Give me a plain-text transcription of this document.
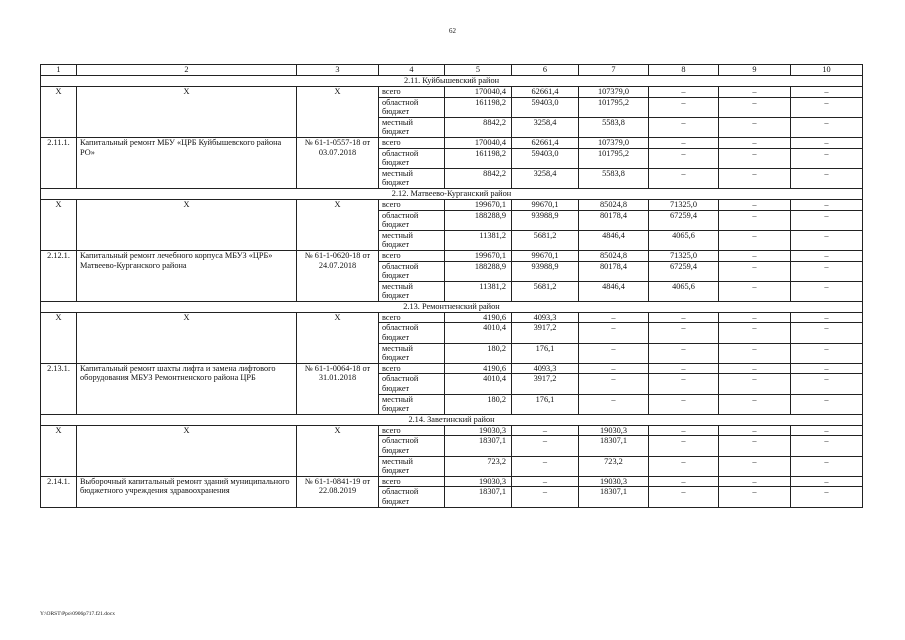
62
1	2	3	4	5	6	7	8	9	10
2.11. Куйбышевский район									
Х	Х	Х	всего	170040,4	62661,4	107379,0	–	–	–
			областной бюджет	161198,2	59403,0	101795,2	–	–	–
			местный бюджет	8842,2	3258,4	5583,8	–	–	–
2.11.1.	Капитальный ремонт МБУ «ЦРБ Куйбышевского района РО»	№ 61-1-0557-18 от 03.07.2018	всего	170040,4	62661,4	107379,0	–	–	–
			областной бюджет	161198,2	59403,0	101795,2	–	–	–
			местный бюджет	8842,2	3258,4	5583,8	–	–	–
2.12. Матвеево-Курганский район									
Х	Х	Х	всего	199670,1	99670,1	85024,8	71325,0	–	–
			областной бюджет	188288,9	93988,9	80178,4	67259,4	–	–
			местный бюджет	11381,2	5681,2	4846,4	4065,6	–	–
2.12.1.	Капитальный ремонт лечебного корпуса МБУЗ «ЦРБ» Матвеево-Курганского района	№ 61-1-0620-18 от 24.07.2018	всего	199670,1	99670,1	85024,8	71325,0	–	–
			областной бюджет	188288,9	93988,9	80178,4	67259,4	–	–
			местный бюджет	11381,2	5681,2	4846,4	4065,6	–	–
2.13. Ремонтненский район									
Х	Х	Х	всего	4190,6	4093,3	–	–	–	–
			областной бюджет	4010,4	3917,2	–	–	–	–
			местный бюджет	180,2	176,1	–	–	–	–
2.13.1.	Капитальный ремонт шахты лифта и замена лифтового оборудования МБУЗ Ремонтненского района ЦРБ	№ 61-1-0064-18 от 31.01.2018	всего	4190,6	4093,3	–	–	–	–
			областной бюджет	4010,4	3917,2	–	–	–	–
			местный бюджет	180,2	176,1	–	–	–	–
2.14. Заветинский район									
Х	Х	Х	всего	19030,3	–	19030,3	–	–	–
			областной бюджет	18307,1	–	18307,1	–	–	–
			местный бюджет	723,2	–	723,2	–	–	–
2.14.1.	Выборочный капитальный ремонт зданий муниципального бюджетного учреждения здравоохранения	№ 61-1-0841-19 от 22.08.2019	всего	19030,3	–	19030,3	–	–	–
			областной бюджет	18307,1	–	18307,1	–	–	–
Y:\ORST\Ppo\0906p717.f21.docx
